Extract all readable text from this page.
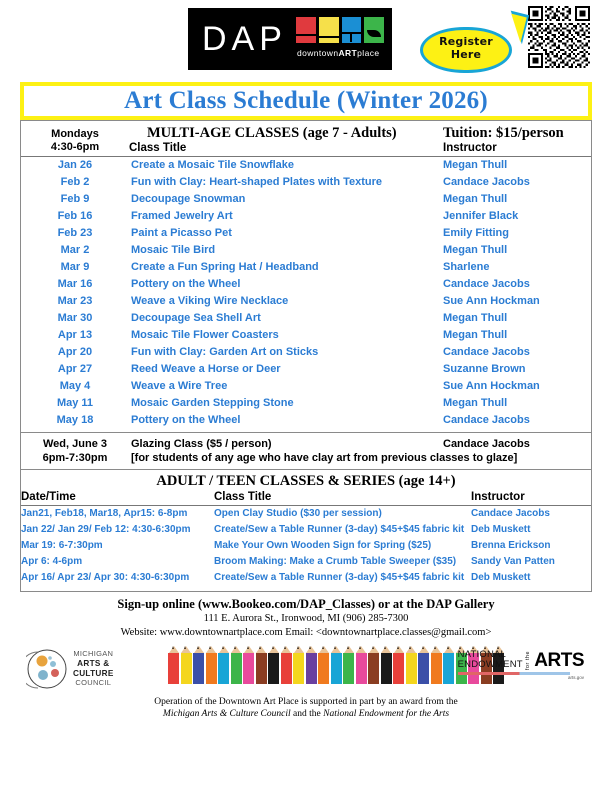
DAP downtownARTplace
Register
Here
Art Class Schedule (Winter 2026)
Mondays
4:30-6pm	MULTI-AGE CLASSES (age 7 - Adults)	Tuition: $15/person
	Class Title	Instructor

Jan 26	Create a Mosaic Tile Snowflake	Megan Thull
Feb 2	Fun with Clay: Heart-shaped Plates with Texture	Candace Jacobs
Feb 9	Decoupage Snowman	Megan Thull
Feb 16	Framed Jewelry Art	Jennifer Black
Feb 23	Paint a Picasso Pet	Emily Fitting
Mar 2	Mosaic Tile Bird	Megan Thull
Mar 9	Create a Fun Spring Hat / Headband	Sharlene
Mar 16	Pottery on the Wheel	Candace Jacobs
Mar 23	Weave a Viking Wire Necklace	Sue Ann Hockman
Mar 30	Decoupage Sea Shell Art	Megan Thull
Apr 13	Mosaic Tile Flower Coasters	Megan Thull
Apr 20	Fun with Clay: Garden Art on Sticks	Candace Jacobs
Apr 27	Reed Weave a Horse or Deer	Suzanne Brown
May 4	Weave a Wire Tree	Sue Ann Hockman
May 11	Mosaic Garden Stepping Stone	Megan Thull
May 18	Pottery on the Wheel	Candace Jacobs
Wed, June 3	Glazing Class ($5 / person)	Candace Jacobs
6pm-7:30pm	[for students of any age who have clay art from previous classes to glaze]	
ADULT / TEEN CLASSES & SERIES (age 14+)
Date/Time	Class Title	Instructor

Jan21, Feb18, Mar18, Apr15: 6-8pm	Open Clay Studio ($30 per session)	Candace Jacobs
Jan 22/ Jan 29/ Feb 12: 4:30-6:30pm	Create/Sew a Table Runner (3-day) $45+$45 fabric kit	Deb Muskett
Mar 19: 6-7:30pm	Make Your Own Wooden Sign for Spring ($25)	Brenna Erickson
Apr 6: 4-6pm	Broom Making: Make a Crumb Table Sweeper ($35)	Sandy Van Patten
Apr 16/ Apr 23/ Apr 30: 4:30-6:30pm	Create/Sew a Table Runner (3-day) $45+$45 fabric kit	Deb Muskett
Sign-up online (www.Bookeo.com/DAP_Classes) or at the DAP Gallery
111 E. Aurora St., Ironwood, MI (906) 285-7300
Website: www.downtownartplace.com Email: <downtownartplace.classes@gmail.com>
MICHIGAN
ARTS &
CULTURE
COUNCIL
NATIONAL
ENDOWMENT for the ARTS
arts.gov
Operation of the Downtown Art Place is supported in part by an award from the
Michigan Arts & Culture Council and the National Endowment for the Arts
